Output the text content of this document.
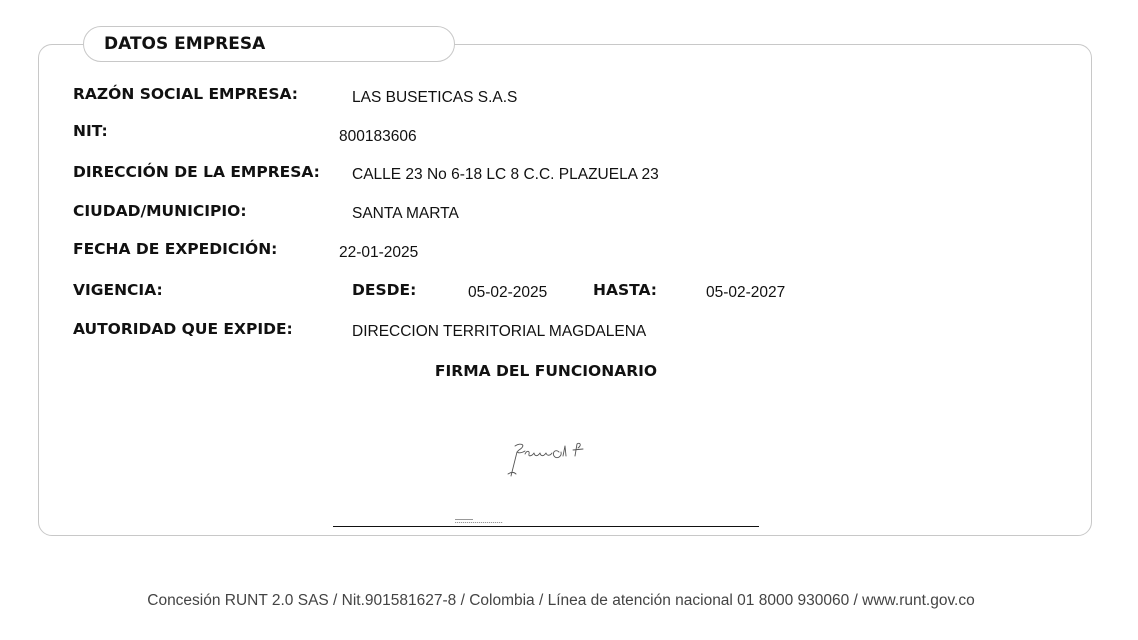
DATOS EMPRESA
RAZÓN SOCIAL EMPRESA:	LAS BUSETICAS S.A.S
NIT:	800183606
DIRECCIÓN DE LA EMPRESA: CALLE 23 No 6-18 LC 8 C.C. PLAZUELA 23
CIUDAD/MUNICIPIO:	SANTA MARTA
FECHA DE EXPEDICIÓN:	22-01-2025
VIGENCIA:	DESDE:	05-02-2025	HASTA:	05-02-2027
AUTORIDAD QUE EXPIDE:	DIRECCION TERRITORIAL MAGDALENA
FIRMA DEL FUNCIONARIO
Concesión RUNT 2.0 SAS / Nit.901581627-8 / Colombia / Línea de atención nacional 01 8000 930060 / www.runt.gov.co
